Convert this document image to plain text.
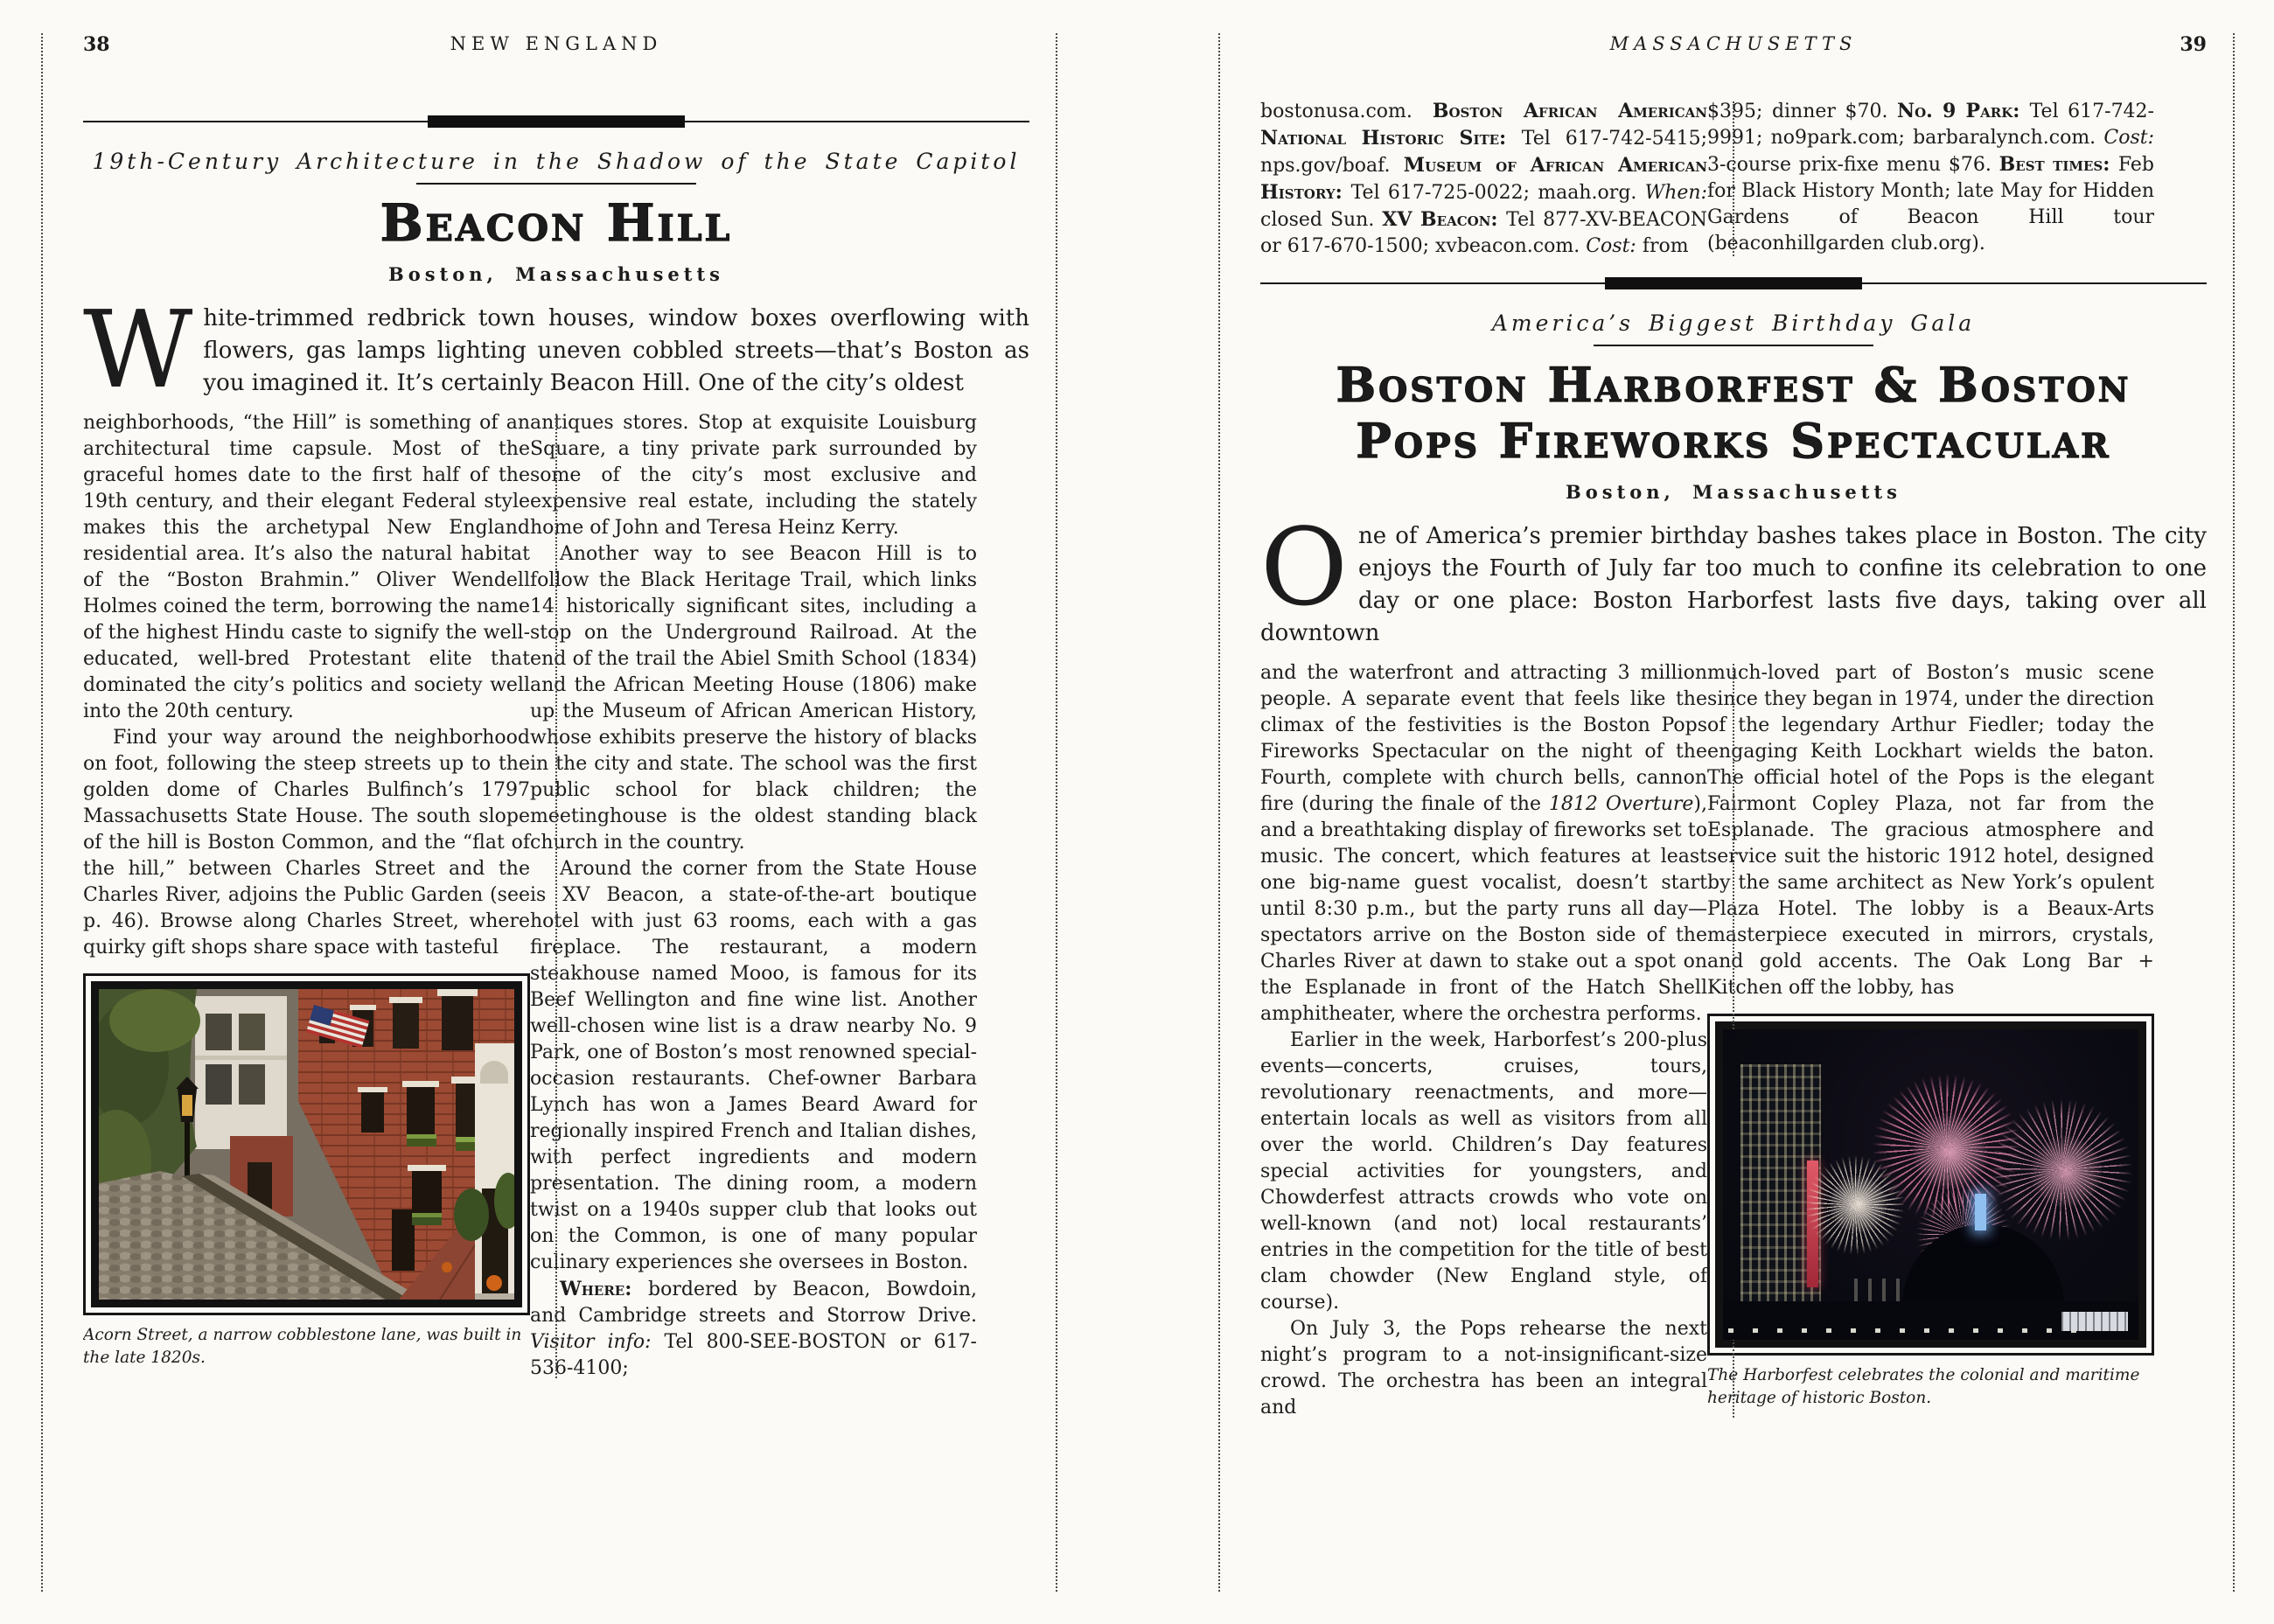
38	NEW ENGLAND
19th-Century Architecture in the Shadow of the State Capitol
Beacon Hill
Boston, Massachusetts

White-trimmed redbrick town houses, window boxes overflowing with flowers, gas lamps lighting uneven cobbled streets—that’s Boston as you imagined it. It’s certainly Beacon Hill. One of the city’s oldest

neighborhoods, “the Hill” is something of an architectural time capsule. Most of the graceful homes date to the first half of the 19th century, and their elegant Federal style makes this the archetypal New England residential area. It’s also the natural habitat of the “Boston Brahmin.” Oliver Wendell Holmes coined the term, borrowing the name of the highest Hindu caste to signify the well-educated, well-bred Protestant elite that dominated the city’s politics and society well into the 20th century.

Find your way around the neighborhood on foot, following the steep streets up to the golden dome of Charles Bulfinch’s 1797 Massachusetts State House. The south slope of the hill is Boston Common, and the “flat of the hill,” between Charles Street and the Charles River, adjoins the Public Garden (see p. 46). Browse along Charles Street, where quirky gift shops share space with tasteful

Acorn Street, a narrow cobblestone lane, was built in the late 1820s.

antiques stores. Stop at exquisite Louisburg Square, a tiny private park surrounded by some of the city’s most exclusive and expensive real estate, including the stately home of John and Teresa Heinz Kerry.

Another way to see Beacon Hill is to follow the Black Heritage Trail, which links 14 historically significant sites, including a stop on the Underground Railroad. At the end of the trail the Abiel Smith School (1834) and the African Meeting House (1806) make up the Museum of African American History, whose exhibits preserve the history of blacks in the city and state. The school was the first public school for black children; the meetinghouse is the oldest standing black church in the country.

Around the corner from the State House is XV Beacon, a state-of-the-art boutique hotel with just 63 rooms, each with a gas fireplace. The restaurant, a modern steakhouse named Mooo, is famous for its Beef Wellington and fine wine list. Another well-chosen wine list is a draw nearby No. 9 Park, one of Boston’s most renowned special-occasion restaurants. Chef-owner Barbara Lynch has won a James Beard Award for regionally inspired French and Italian dishes, with perfect ingredients and modern presentation. The dining room, a modern twist on a 1940s supper club that looks out on the Common, is one of many popular culinary experiences she oversees in Boston.

Where: bordered by Beacon, Bowdoin, and Cambridge streets and Storrow Drive. Visitor info: Tel 800-SEE-BOSTON or 617-536-4100;

MASSACHUSETTS	39

bostonusa.com. Boston African American National Historic Site: Tel 617-742-5415; nps.gov/boaf. Museum of African American History: Tel 617-725-0022; maah.org. When: closed Sun. XV Beacon: Tel 877-XV-BEACON or 617-670-1500; xvbeacon.com. Cost: from

$395; dinner $70. No. 9 Park: Tel 617-742-9991; no9park.com; barbaralynch.com. Cost: 3-course prix-fixe menu $76. Best times: Feb for Black History Month; late May for Hidden Gardens of Beacon Hill tour (beaconhillgarden club.org).

America’s Biggest Birthday Gala
Boston Harborfest & Boston
Pops Fireworks Spectacular
Boston, Massachusetts

One of America’s premier birthday bashes takes place in Boston. The city enjoys the Fourth of July far too much to confine its celebration to one day or one place: Boston Harborfest lasts five days, taking over all downtown

and the waterfront and attracting 3 million people. A separate event that feels like the climax of the festivities is the Boston Pops Fireworks Spectacular on the night of the Fourth, complete with church bells, cannon fire (during the finale of the 1812 Overture), and a breathtaking display of fireworks set to music. The concert, which features at least one big-name guest vocalist, doesn’t start until 8:30 p.m., but the party runs all day—spectators arrive on the Boston side of the Charles River at dawn to stake out a spot on the Esplanade in front of the Hatch Shell amphitheater, where the orchestra performs.

Earlier in the week, Harborfest’s 200-plus events—concerts, cruises, tours, revolutionary reenactments, and more—entertain locals as well as visitors from all over the world. Children’s Day features special activities for youngsters, and Chowderfest attracts crowds who vote on well-known (and not) local restaurants’ entries in the competition for the title of best clam chowder (New England style, of course).

On July 3, the Pops rehearse the next night’s program to a not-insignificant-size crowd. The orchestra has been an integral and

much-loved part of Boston’s music scene since they began in 1974, under the direction of the legendary Arthur Fiedler; today the engaging Keith Lockhart wields the baton. The official hotel of the Pops is the elegant Fairmont Copley Plaza, not far from the Esplanade. The gracious atmosphere and service suit the historic 1912 hotel, designed by the same architect as New York’s opulent Plaza Hotel. The lobby is a Beaux-Arts masterpiece executed in mirrors, crystals, and gold accents. The Oak Long Bar + Kitchen off the lobby, has

The Harborfest celebrates the colonial and maritime heritage of historic Boston.
